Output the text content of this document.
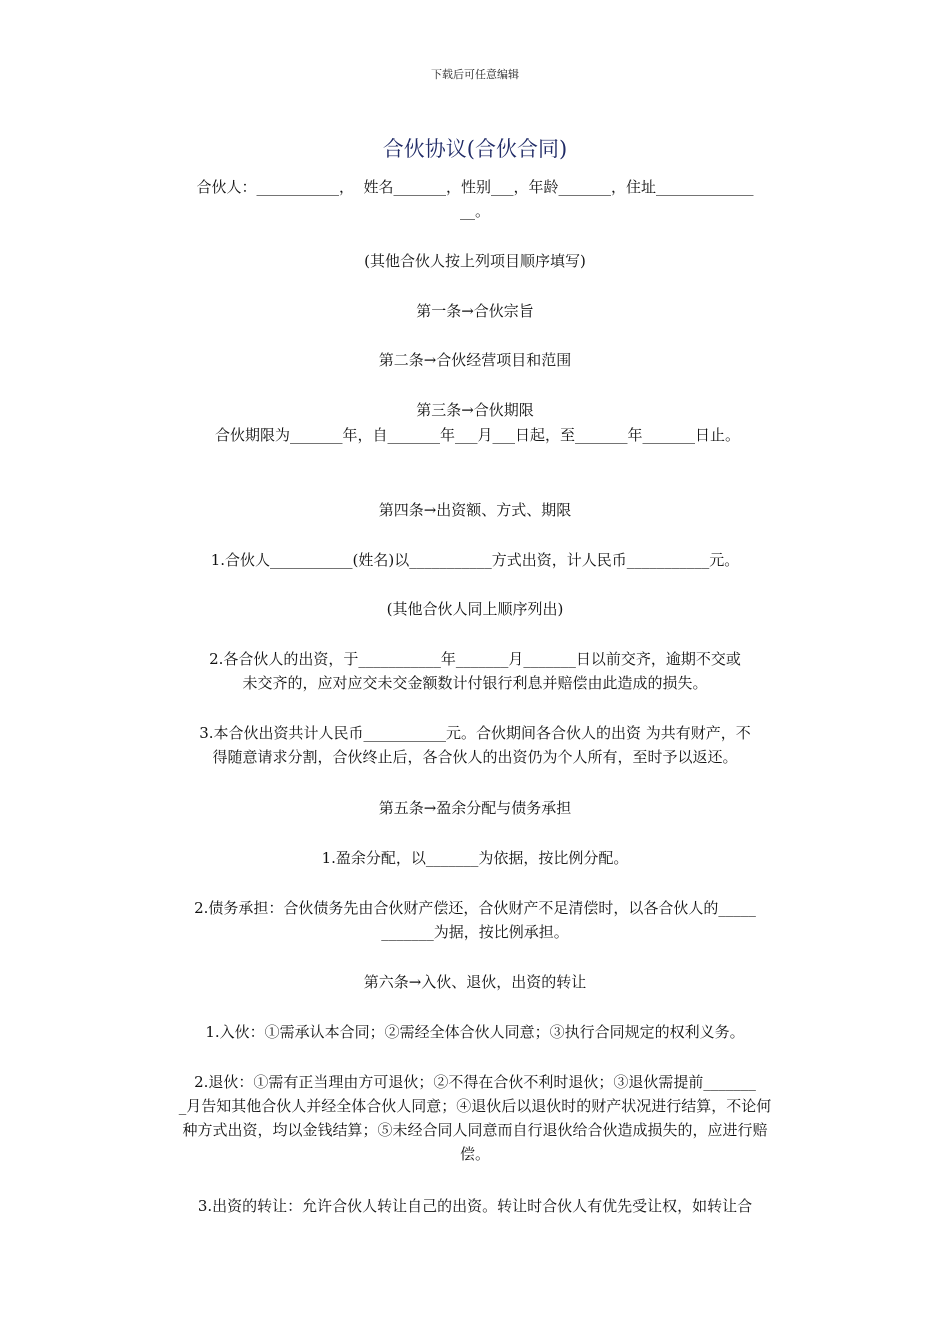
下载后可任意编辑
合伙协议(合伙合同)
合伙人：___________，  姓名_______，性别___，年龄_______，住址_____________
__。
(其他合伙人按上列项目顺序填写)
第一条→合伙宗旨
第二条→合伙经营项目和范围
第三条→合伙期限
合伙期限为_______年，自_______年___月___日起，至_______年_______日止。
第四条→出资额、方式、期限
1.合伙人___________(姓名)以___________方式出资，计人民币___________元。
(其他合伙人同上顺序列出)
2.各合伙人的出资，于___________年_______月_______日以前交齐，逾期不交或
未交齐的，应对应交未交金额数计付银行利息并赔偿由此造成的损失。
3.本合伙出资共计人民币___________元。合伙期间各合伙人的出资 为共有财产，不
得随意请求分割，合伙终止后，各合伙人的出资仍为个人所有，至时予以返还。
第五条→盈余分配与债务承担
1.盈余分配，以_______为依据，按比例分配。
2.债务承担：合伙债务先由合伙财产偿还，合伙财产不足清偿时，以各合伙人的_____
_______为据，按比例承担。
第六条→入伙、退伙，出资的转让
1.入伙：①需承认本合同；②需经全体合伙人同意；③执行合同规定的权利义务。
2.退伙：①需有正当理由方可退伙；②不得在合伙不利时退伙；③退伙需提前_______
_月告知其他合伙人并经全体合伙人同意；④退伙后以退伙时的财产状况进行结算，不论何
种方式出资，均以金钱结算；⑤未经合同人同意而自行退伙给合伙造成损失的，应进行赔
偿。
3.出资的转让：允许合伙人转让自己的出资。转让时合伙人有优先受让权，如转让合
